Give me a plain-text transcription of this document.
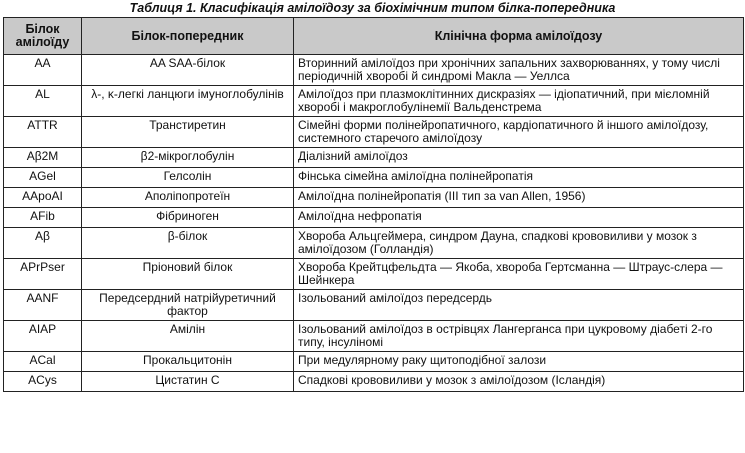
Таблиця 1. Класифікація амілоїдозу за біохімічним типом білка-попередника
Білок амілоїду	Білок-попередник	Клінічна форма амілоїдозу
AA	AA SAA-білок	Вторинний амілоїдоз при хронічних запальних захворюваннях, у тому числі періодичній хворобі й синдромі Макла — Уеллса
AL	λ-, κ-легкі ланцюги імуноглобулінів	Амілоїдоз при плазмоклітинних дискразіях — ідіопатичний, при мієломній хворобі і макроглобулінемії Вальденстрема
ATTR	Транстиретин	Сімейні форми полінейропатичного, кардіопатичного й іншого амілоїдозу, системного старечого амілоїдозу
Aβ2M	β2-мікроглобулін	Діалізний амілоїдоз
AGel	Гелсолін	Фінська сімейна амілоїдна полінейропатія
AApoAI	Аполіпопротеїн	Амілоїдна полінейропатія (III тип за van Allen, 1956)
AFib	Фібриноген	Амілоїдна нефропатія
Aβ	β-білок	Хвороба Альцгеймера, синдром Дауна, спадкові крововиливи у мозок з амілоїдозом (Голландія)
APrPser	Пріоновий білок	Хвороба Крейтцфельдта — Якоба, хвороба Гертсманна — Штраус-слера — Шейнкера
AANF	Передсердний натрійуретичний фактор	Ізольований амілоїдоз передсердь
AIAP	Амілін	Ізольований амілоїдоз в острівцях Лангерганса при цукровому діабеті 2-го типу, інсуліномі
ACal	Прокальцитонін	При медулярному раку щитоподібної залози
ACys	Цистатин С	Спадкові крововиливи у мозок з амілоїдозом (Ісландія)
